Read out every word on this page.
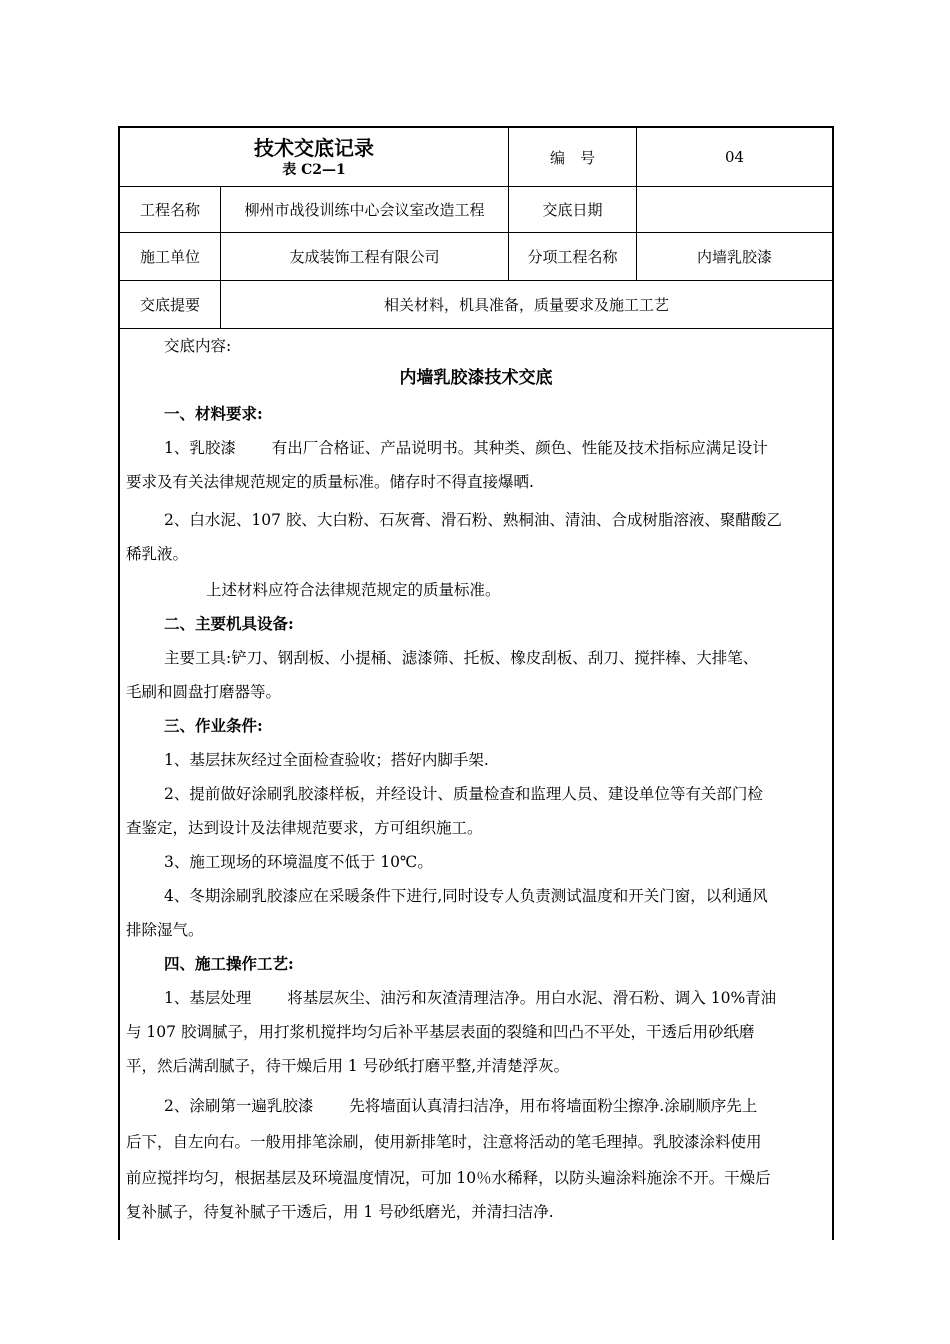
技术交底记录
表 C2—1
编　号	04
工程名称	柳州市战役训练中心会议室改造工程	交底日期
施工单位	友成装饰工程有限公司	分项工程名称	内墙乳胶漆
交底提要	相关材料，机具准备，质量要求及施工工艺
交底内容:
内墙乳胶漆技术交底
一、材料要求:
1、乳胶漆　　 有出厂合格证、产品说明书。其种类、颜色、性能及技术指标应满足设计
要求及有关法律规范规定的质量标准。储存时不得直接爆晒.
2、白水泥、107 胶、大白粉、石灰膏、滑石粉、熟桐油、清油、合成树脂溶液、聚醋酸乙
稀乳液。
上述材料应符合法律规范规定的质量标准。
二、主要机具设备:
主要工具:铲刀、钢刮板、小提桶、滤漆筛、托板、橡皮刮板、刮刀、搅拌棒、大排笔、
毛刷和圆盘打磨器等。
三、作业条件:
1、基层抹灰经过全面检查验收；搭好内脚手架.
2、提前做好涂刷乳胶漆样板，并经设计、质量检查和监理人员、建设单位等有关部门检
查鉴定，达到设计及法律规范要求，方可组织施工。
3、施工现场的环境温度不低于 10℃。
4、冬期涂刷乳胶漆应在采暖条件下进行,同时设专人负责测试温度和开关门窗，以利通风
排除湿气。
四、施工操作工艺:
1、基层处理　　 将基层灰尘、油污和灰渣清理洁净。用白水泥、滑石粉、调入 10%青油
与 107 胶调腻子，用打浆机搅拌均匀后补平基层表面的裂缝和凹凸不平处，干透后用砂纸磨
平，然后满刮腻子，待干燥后用 1 号砂纸打磨平整,并清楚浮灰。
2、涂刷第一遍乳胶漆　　 先将墙面认真清扫洁净，用布将墙面粉尘擦净.涂刷顺序先上
后下，自左向右。一般用排笔涂刷，使用新排笔时，注意将活动的笔毛理掉。乳胶漆涂料使用
前应搅拌均匀，根据基层及环境温度情况，可加 10％水稀释，以防头遍涂料施涂不开。干燥后
复补腻子，待复补腻子干透后，用 1 号砂纸磨光，并清扫洁净.
